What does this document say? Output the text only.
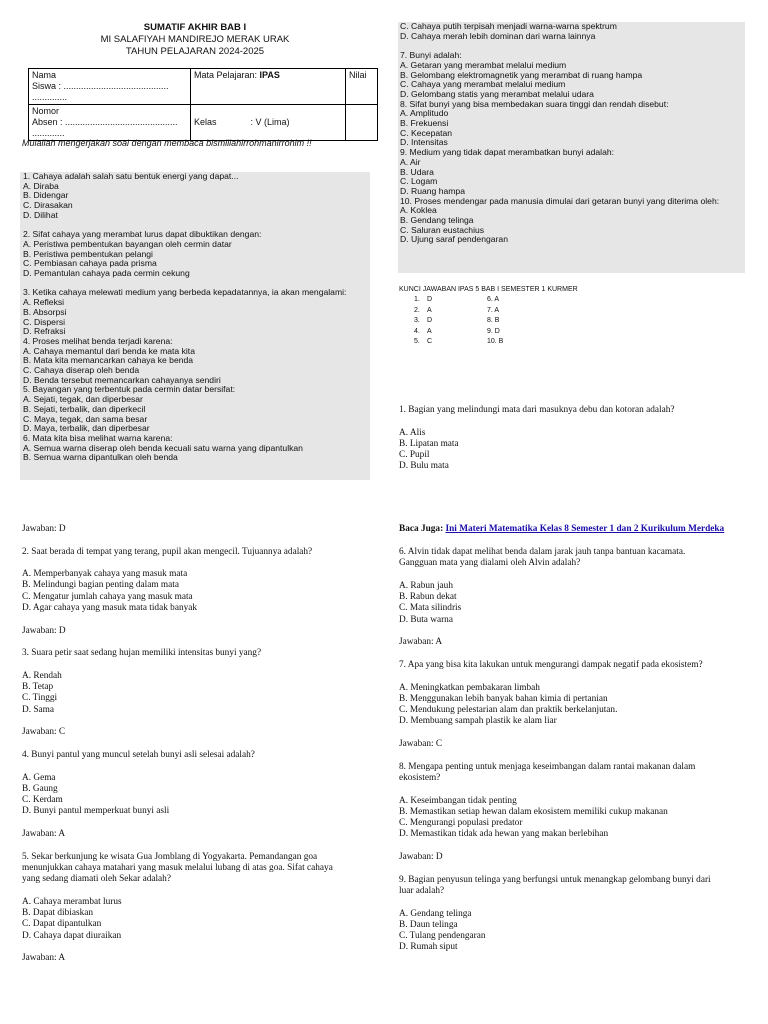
SUMATIF AKHIR BAB I
MI SALAFIYAH MANDIREJO MERAK URAK
TAHUN PELAJARAN 2024-2025
Nama
Siswa : ..........................................
..............	Mata Pelajaran: IPAS	Nilai

Nomor
Absen : .............................................
.............	Kelas : V (Lima)	
Mulailah mengerjakan soal dengan membaca bismillahirrohmanirrohim !!
1. Cahaya adalah salah satu bentuk energi yang dapat...
A. Diraba
B. Didengar
C. Dirasakan
D. Dilihat

2. Sifat cahaya yang merambat lurus dapat dibuktikan dengan:
A. Peristiwa pembentukan bayangan oleh cermin datar
B. Peristiwa pembentukan pelangi
C. Pembiasan cahaya pada prisma
D. Pemantulan cahaya pada cermin cekung

3. Ketika cahaya melewati medium yang berbeda kepadatannya, ia akan mengalami:
A. Refleksi
B. Absorpsi
C. Dispersi
D. Refraksi
4. Proses melihat benda terjadi karena:
A. Cahaya memantul dari benda ke mata kita
B. Mata kita memancarkan cahaya ke benda
C. Cahaya diserap oleh benda
D. Benda tersebut memancarkan cahayanya sendiri
5. Bayangan yang terbentuk pada cermin datar bersifat:
A. Sejati, tegak, dan diperbesar
B. Sejati, terbalik, dan diperkecil
C. Maya, tegak, dan sama besar
D. Maya, terbalik, dan diperbesar
6. Mata kita bisa melihat warna karena:
A. Semua warna diserap oleh benda kecuali satu warna yang dipantulkan
B. Semua warna dipantulkan oleh benda
C. Cahaya putih terpisah menjadi warna-warna spektrum
D. Cahaya merah lebih dominan dari warna lainnya

7. Bunyi adalah:
A. Getaran yang merambat melalui medium
B. Gelombang elektromagnetik yang merambat di ruang hampa
C. Cahaya yang merambat melalui medium
D. Gelombang statis yang merambat melalui udara
8. Sifat bunyi yang bisa membedakan suara tinggi dan rendah disebut:
A. Amplitudo
B. Frekuensi
C. Kecepatan
D. Intensitas
9. Medium yang tidak dapat merambatkan bunyi adalah:
A. Air
B. Udara
C. Logam
D. Ruang hampa
10. Proses mendengar pada manusia dimulai dari getaran bunyi yang diterima oleh:
A. Koklea
B. Gendang telinga
C. Saluran eustachius
D. Ujung saraf pendengaran
KUNCI JAWABAN IPAS 5 BAB I SEMESTER 1 KURMER
1. D	6. A
2. A	7. A
3. D	8. B
4. A	9. D
5. C	10. B
1. Bagian yang melindungi mata dari masuknya debu dan kotoran adalah?

A. Alis
B. Lipatan mata
C. Pupil
D. Bulu mata
Jawaban: D

2. Saat berada di tempat yang terang, pupil akan mengecil. Tujuannya adalah?

A. Memperbanyak cahaya yang masuk mata
B. Melindungi bagian penting dalam mata
C. Mengatur jumlah cahaya yang masuk mata
D. Agar cahaya yang masuk mata tidak banyak

Jawaban: D

3. Suara petir saat sedang hujan memiliki intensitas bunyi yang?

A. Rendah
B. Tetap
C. Tinggi
D. Sama

Jawaban: C

4. Bunyi pantul yang muncul setelah bunyi asli selesai adalah?

A. Gema
B. Gaung
C. Kerdam
D. Bunyi pantul memperkuat bunyi asli

Jawaban: A

5. Sekar berkunjung ke wisata Gua Jomblang di Yogyakarta. Pemandangan goa
menunjukkan cahaya matahari yang masuk melalui lubang di atas goa. Sifat cahaya
yang sedang diamati oleh Sekar adalah?

A. Cahaya merambat lurus
B. Dapat dibiaskan
C. Dapat dipantulkan
D. Cahaya dapat diuraikan

Jawaban: A
Baca Juga: Ini Materi Matematika Kelas 8 Semester 1 dan 2 Kurikulum Merdeka
6. Alvin tidak dapat melihat benda dalam jarak jauh tanpa bantuan kacamata.
Gangguan mata yang dialami oleh Alvin adalah?

A. Rabun jauh
B. Rabun dekat
C. Mata silindris
D. Buta warna

Jawaban: A

7. Apa yang bisa kita lakukan untuk mengurangi dampak negatif pada ekosistem?

A. Meningkatkan pembakaran limbah
B. Menggunakan lebih banyak bahan kimia di pertanian
C. Mendukung pelestarian alam dan praktik berkelanjutan.
D. Membuang sampah plastik ke alam liar

Jawaban: C

8. Mengapa penting untuk menjaga keseimbangan dalam rantai makanan dalam
ekosistem?

A. Keseimbangan tidak penting
B. Memastikan setiap hewan dalam ekosistem memiliki cukup makanan
C. Mengurangi populasi predator
D. Memastikan tidak ada hewan yang makan berlebihan

Jawaban: D

9. Bagian penyusun telinga yang berfungsi untuk menangkap gelombang bunyi dari
luar adalah?

A. Gendang telinga
B. Daun telinga
C. Tulang pendengaran
D. Rumah siput
